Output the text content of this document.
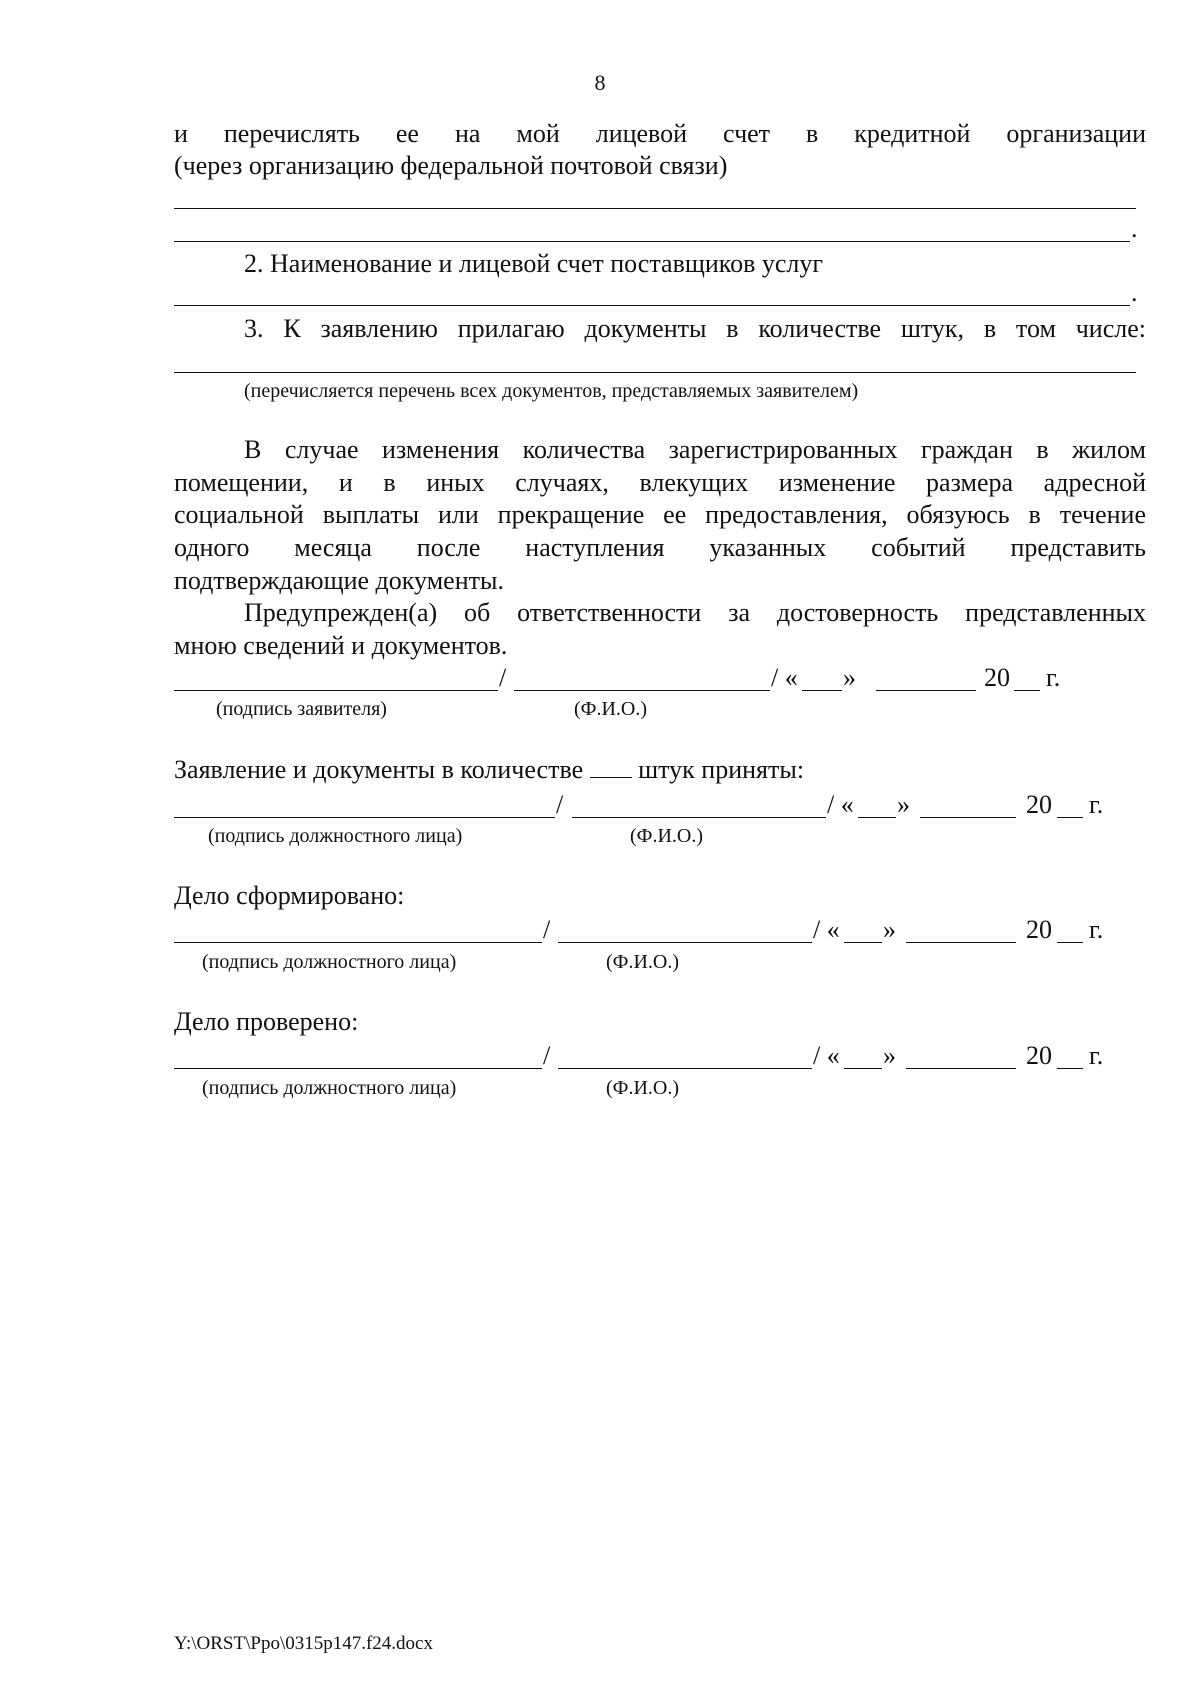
8
и перечислять ее на мой лицевой счет в кредитной организации
(через организацию федеральной почтовой связи)
.
2. Наименование и лицевой счет поставщиков услуг
.
3. К заявлению прилагаю документы в количестве штук, в том числе:
(перечисляется перечень всех документов, представляемых заявителем)
В случае изменения количества зарегистрированных граждан в жилом
помещении, и в иных случаях, влекущих изменение размера адресной
социальной выплаты или прекращение ее предоставления, обязуюсь в течение
одного месяца после наступления указанных событий представить
подтверждающие документы.
Предупрежден(а) об ответственности за достоверность представленных
мною сведений и документов.
/	/ « »	20 г.
(подпись заявителя)	(Ф.И.О.)
Заявление и документы в количестве штук приняты:
/	/ « »	20 г.
(подпись должностного лица)	(Ф.И.О.)
Дело сформировано:
/	/ « »	20 г.
(подпись должностного лица)	(Ф.И.О.)
Дело проверено:
/	/ « »	20 г.
(подпись должностного лица)	(Ф.И.О.)
Y:\ORST\Ppo\0315p147.f24.docx
